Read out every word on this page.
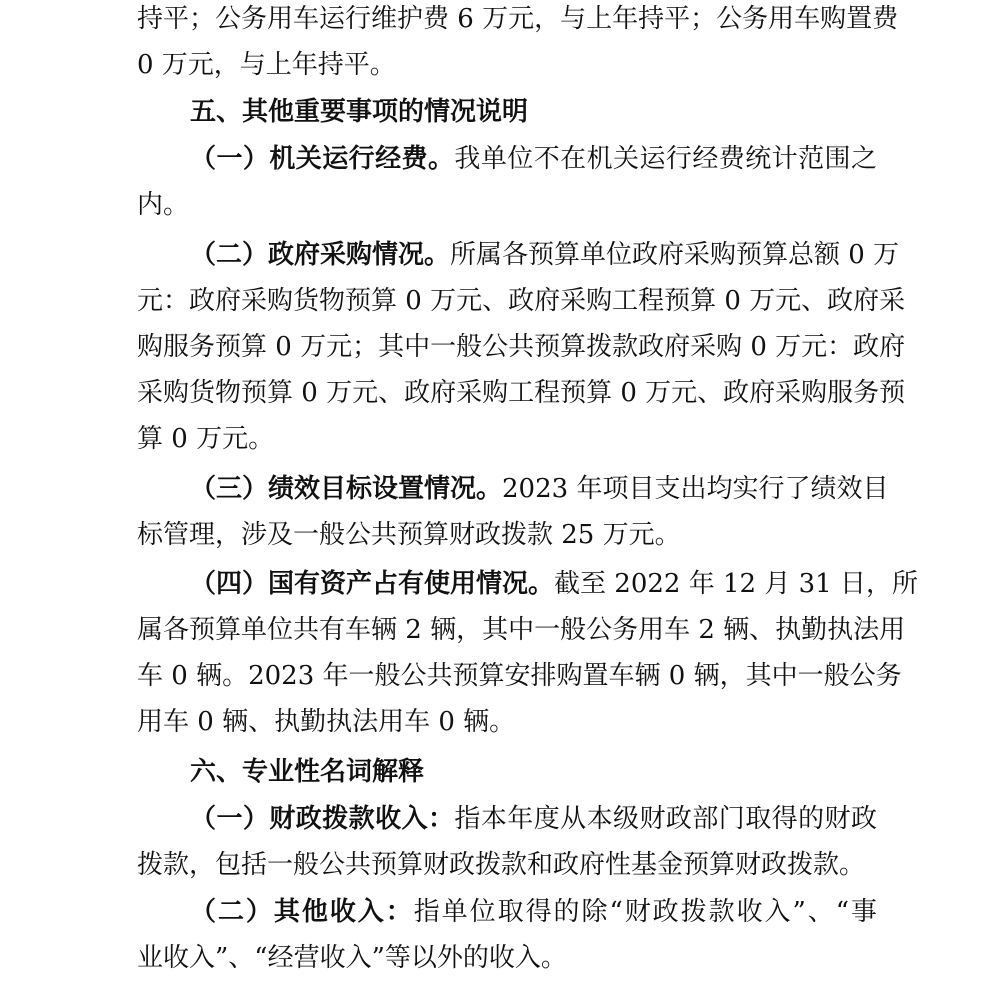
持平；公务用车运行维护费 6 万元，与上年持平；公务用车购置费
0 万元，与上年持平。
五、其他重要事项的情况说明
（一）机关运行经费。我单位不在机关运行经费统计范围之
内。
（二）政府采购情况。所属各预算单位政府采购预算总额 0 万
元：政府采购货物预算 0 万元、政府采购工程预算 0 万元、政府采
购服务预算 0 万元；其中一般公共预算拨款政府采购 0 万元：政府
采购货物预算 0 万元、政府采购工程预算 0 万元、政府采购服务预
算 0 万元。
（三）绩效目标设置情况。2023 年项目支出均实行了绩效目
标管理，涉及一般公共预算财政拨款 25 万元。
（四）国有资产占有使用情况。截至 2022 年 12 月 31 日，所
属各预算单位共有车辆 2 辆，其中一般公务用车 2 辆、执勤执法用
车 0 辆。2023 年一般公共预算安排购置车辆 0 辆，其中一般公务
用车 0 辆、执勤执法用车 0 辆。
六、专业性名词解释
（一）财政拨款收入：指本年度从本级财政部门取得的财政
拨款，包括一般公共预算财政拨款和政府性基金预算财政拨款。
（二）其他收入：指单位取得的除“财政拨款收入”、“事
业收入”、“经营收入”等以外的收入。
